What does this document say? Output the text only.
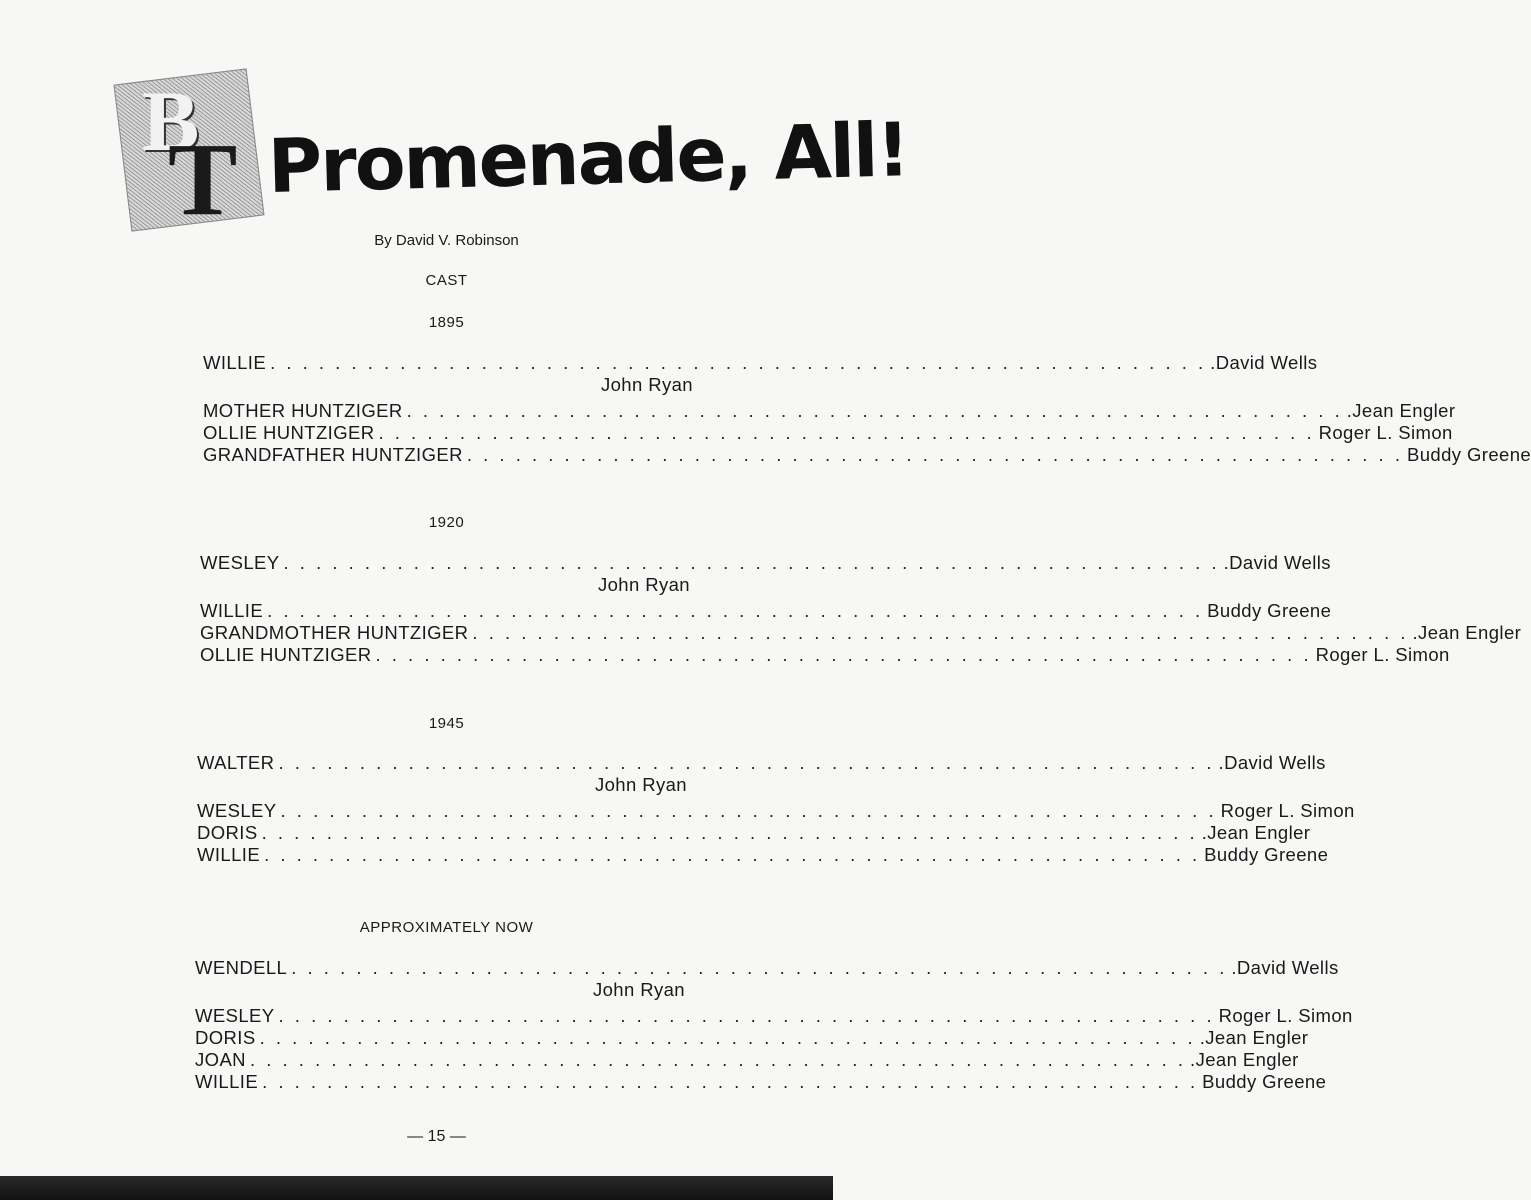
B
T Promenade, All!
By David V. Robinson
CAST
1895
WILLIE . . .	.David Wells
John Ryan
MOTHER HUNTZIGER . . .	.Jean Engler
OLLIE HUNTZIGER . . .	Roger L. Simon
GRANDFATHER HUNTZIGER . . .	Buddy Greene
1920
WESLEY . . .	.David Wells
John Ryan
WILLIE . . .	Buddy Greene
GRANDMOTHER HUNTZIGER . . .	.Jean Engler
OLLIE HUNTZIGER . . .	Roger L. Simon
1945
WALTER . . .	.David Wells
John Ryan
WESLEY . . .	Roger L. Simon
DORIS . . .	.Jean Engler
WILLIE . . .	Buddy Greene
APPROXIMATELY NOW
WENDELL . . .	.David Wells
John Ryan
WESLEY . . .	Roger L. Simon
DORIS . . .	.Jean Engler
JOAN . . .	.Jean Engler
WILLIE . . .	Buddy Greene
— 15 —
